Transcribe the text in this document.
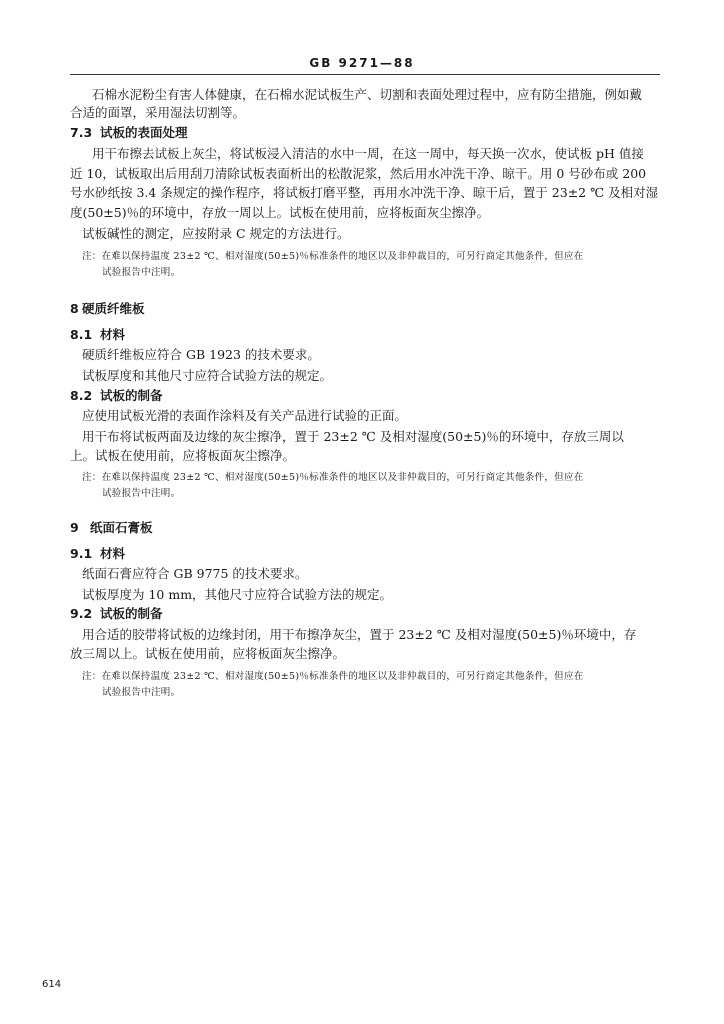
GB 9271—88
石棉水泥粉尘有害人体健康，在石棉水泥试板生产、切割和表面处理过程中，应有防尘措施，例如戴
合适的面罩，采用湿法切割等。
7.3 试板的表面处理
用干布擦去试板上灰尘，将试板浸入清洁的水中一周，在这一周中，每天换一次水，使试板 pH 值接
近 10，试板取出后用刮刀清除试板表面析出的松散泥浆，然后用水冲洗干净、晾干。用 0 号砂布或 200
号水砂纸按 3.4 条规定的操作程序，将试板打磨平整，再用水冲洗干净、晾干后，置于 23±2 ℃ 及相对湿
度(50±5)％的环境中，存放一周以上。试板在使用前，应将板面灰尘擦净。
试板碱性的测定，应按附录 C 规定的方法进行。
注：在难以保持温度 23±2 ℃、相对湿度(50±5)％标准条件的地区以及非仲裁目的，可另行商定其他条件，但应在
试验报告中注明。
8 硬质纤维板
8.1 材料
硬质纤维板应符合 GB 1923 的技术要求。
试板厚度和其他尺寸应符合试验方法的规定。
8.2 试板的制备
应使用试板光滑的表面作涂料及有关产品进行试验的正面。
用干布将试板两面及边缘的灰尘擦净，置于 23±2 ℃ 及相对湿度(50±5)％的环境中，存放三周以
上。试板在使用前，应将板面灰尘擦净。
注：在难以保持温度 23±2 ℃、相对湿度(50±5)％标准条件的地区以及非仲裁目的，可另行商定其他条件，但应在
试验报告中注明。
9 纸面石膏板
9.1 材料
纸面石膏应符合 GB 9775 的技术要求。
试板厚度为 10 mm，其他尺寸应符合试验方法的规定。
9.2 试板的制备
用合适的胶带将试板的边缘封闭，用干布擦净灰尘，置于 23±2 ℃ 及相对湿度(50±5)％环境中，存
放三周以上。试板在使用前，应将板面灰尘擦净。
注：在难以保持温度 23±2 ℃、相对湿度(50±5)％标准条件的地区以及非仲裁目的，可另行商定其他条件，但应在
试验报告中注明。
614
